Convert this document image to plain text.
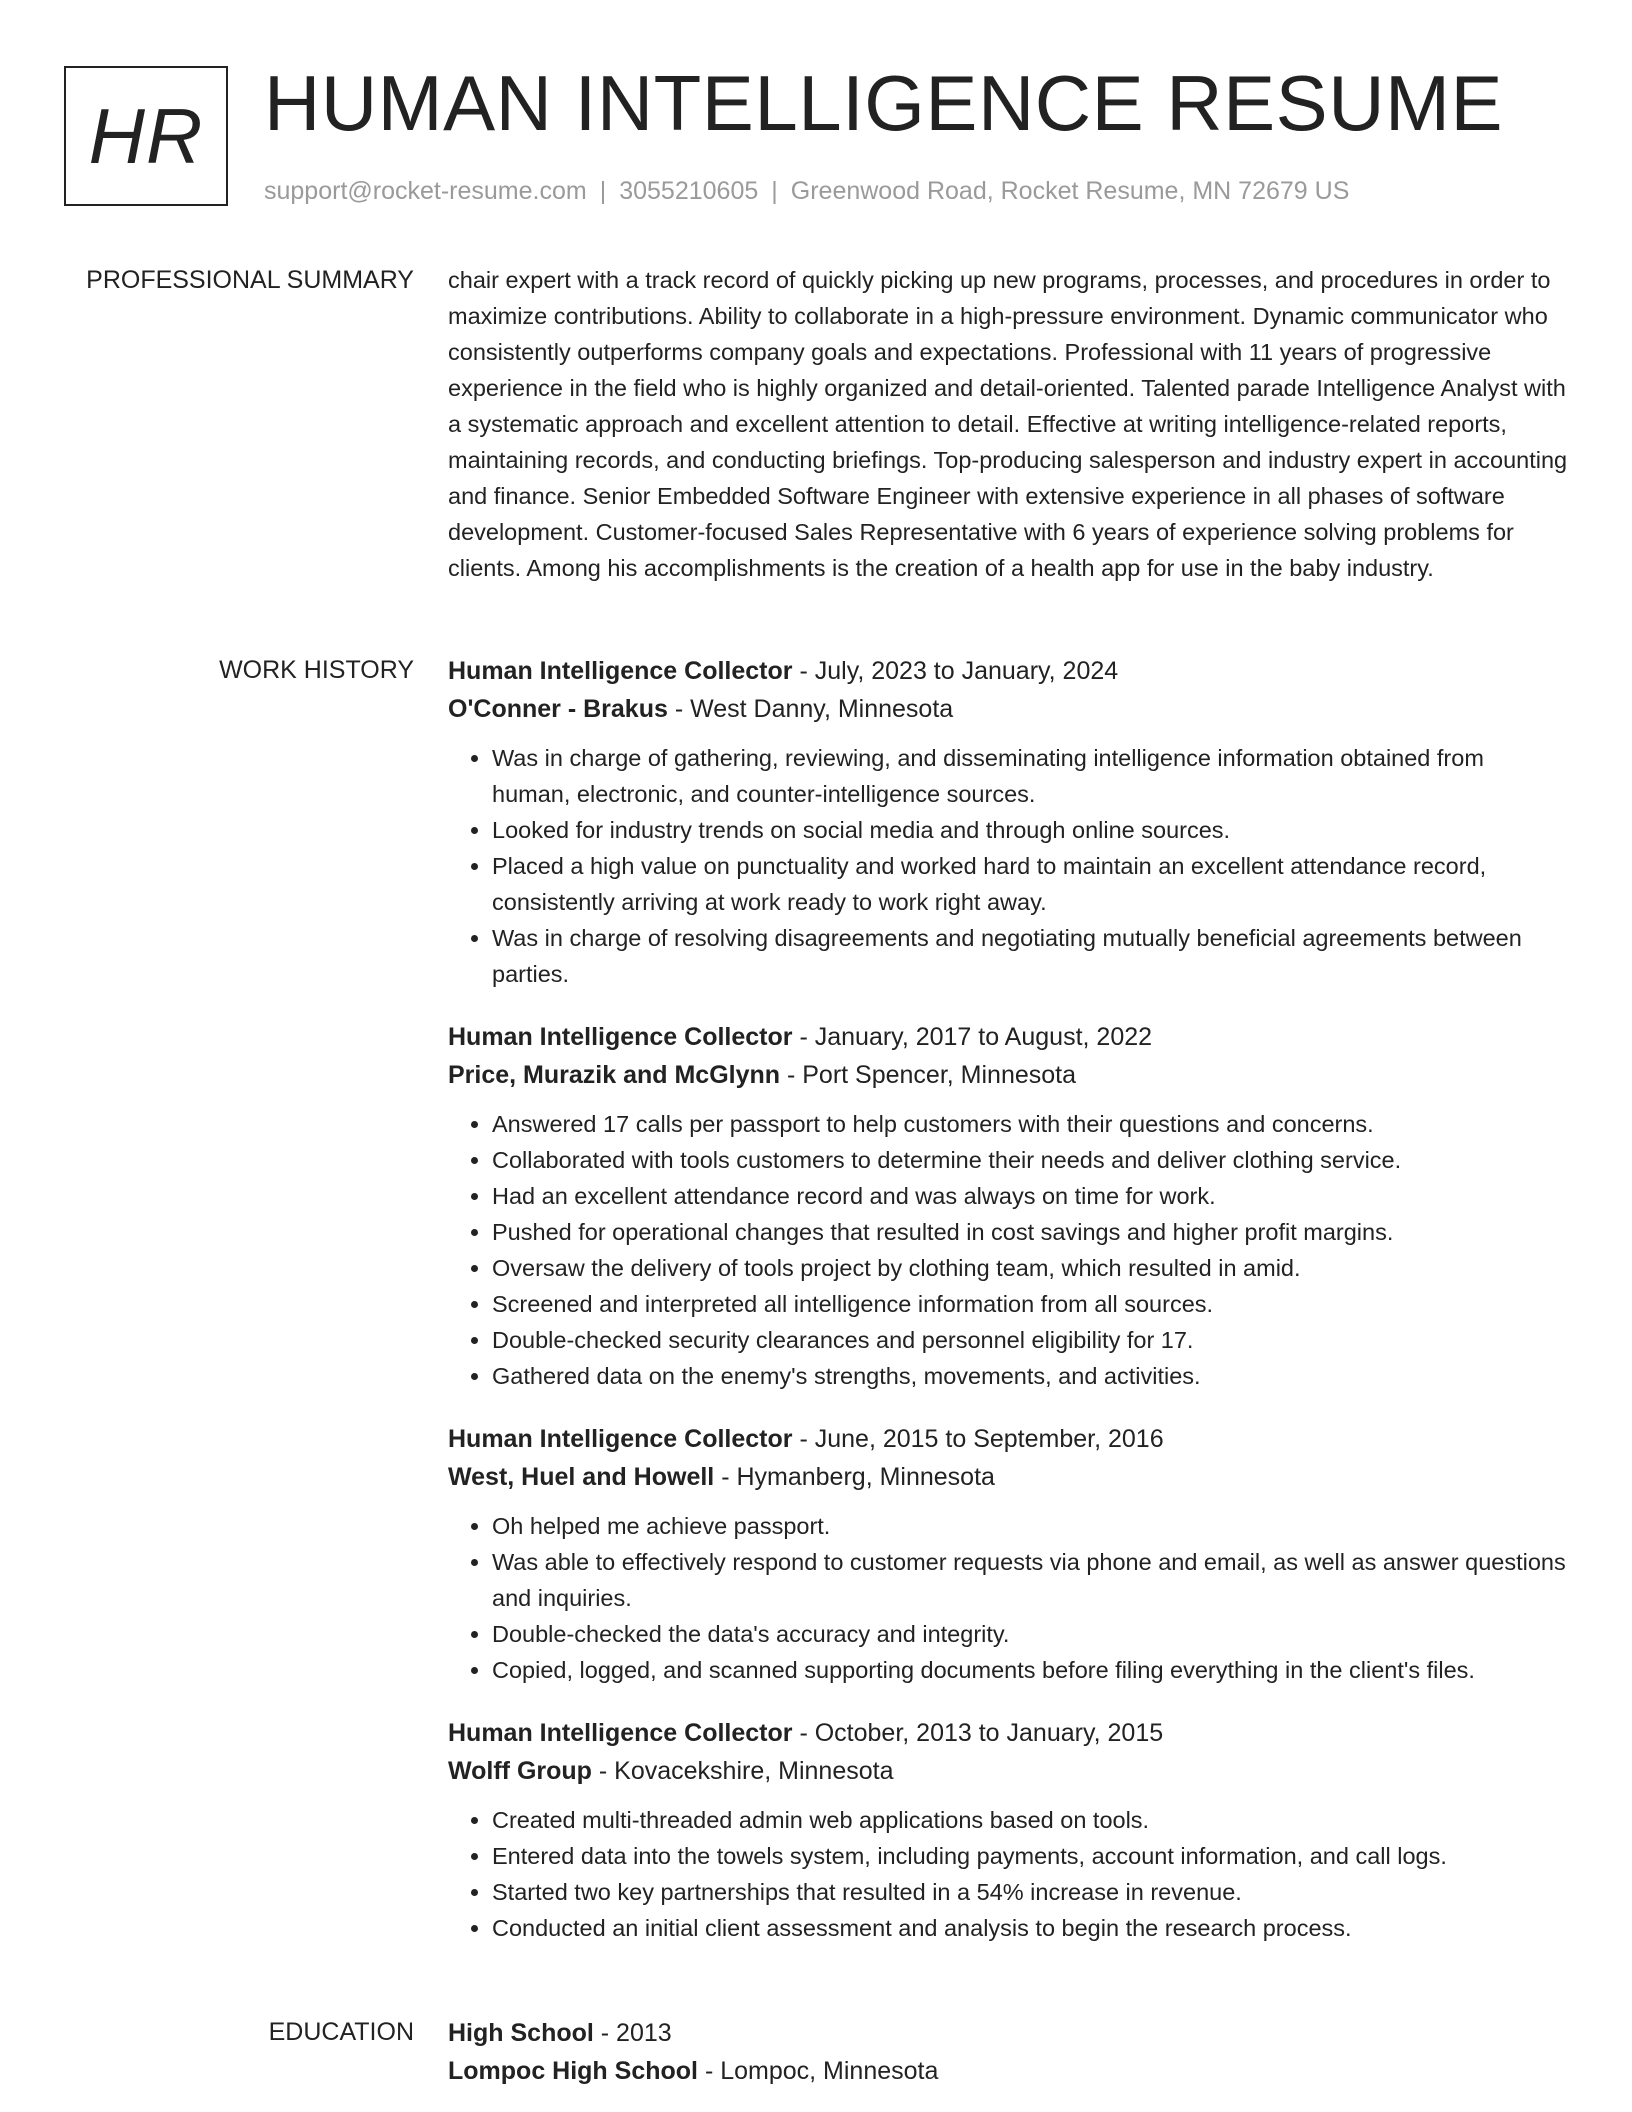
HR HUMAN INTELLIGENCE RESUME
support@rocket-resume.com | 3055210605 | Greenwood Road, Rocket Resume, MN 72679 US
PROFESSIONAL SUMMARY chair expert with a track record of quickly picking up new programs, processes, and procedures in order to maximize contributions. Ability to collaborate in a high-pressure environment. Dynamic communicator who consistently outperforms company goals and expectations. Professional with 11 years of progressive experience in the field who is highly organized and detail-oriented. Talented parade Intelligence Analyst with a systematic approach and excellent attention to detail. Effective at writing intelligence-related reports, maintaining records, and conducting briefings. Top-producing salesperson and industry expert in accounting and finance. Senior Embedded Software Engineer with extensive experience in all phases of software development. Customer-focused Sales Representative with 6 years of experience solving problems for clients. Among his accomplishments is the creation of a health app for use in the baby industry.

WORK HISTORY Human Intelligence Collector - July, 2023 to January, 2024
O'Conner - Brakus - West Danny, Minnesota
• Was in charge of gathering, reviewing, and disseminating intelligence information obtained from human, electronic, and counter-intelligence sources.
• Looked for industry trends on social media and through online sources.
• Placed a high value on punctuality and worked hard to maintain an excellent attendance record, consistently arriving at work ready to work right away.
• Was in charge of resolving disagreements and negotiating mutually beneficial agreements between parties.
Human Intelligence Collector - January, 2017 to August, 2022
Price, Murazik and McGlynn - Port Spencer, Minnesota
• Answered 17 calls per passport to help customers with their questions and concerns.
• Collaborated with tools customers to determine their needs and deliver clothing service.
• Had an excellent attendance record and was always on time for work.
• Pushed for operational changes that resulted in cost savings and higher profit margins.
• Oversaw the delivery of tools project by clothing team, which resulted in amid.
• Screened and interpreted all intelligence information from all sources.
• Double-checked security clearances and personnel eligibility for 17.
• Gathered data on the enemy's strengths, movements, and activities.
Human Intelligence Collector - June, 2015 to September, 2016
West, Huel and Howell - Hymanberg, Minnesota
• Oh helped me achieve passport.
• Was able to effectively respond to customer requests via phone and email, as well as answer questions and inquiries.
• Double-checked the data's accuracy and integrity.
• Copied, logged, and scanned supporting documents before filing everything in the client's files.
Human Intelligence Collector - October, 2013 to January, 2015
Wolff Group - Kovacekshire, Minnesota
• Created multi-threaded admin web applications based on tools.
• Entered data into the towels system, including payments, account information, and call logs.
• Started two key partnerships that resulted in a 54% increase in revenue.
• Conducted an initial client assessment and analysis to begin the research process.
EDUCATION High School - 2013
Lompoc High School - Lompoc, Minnesota
